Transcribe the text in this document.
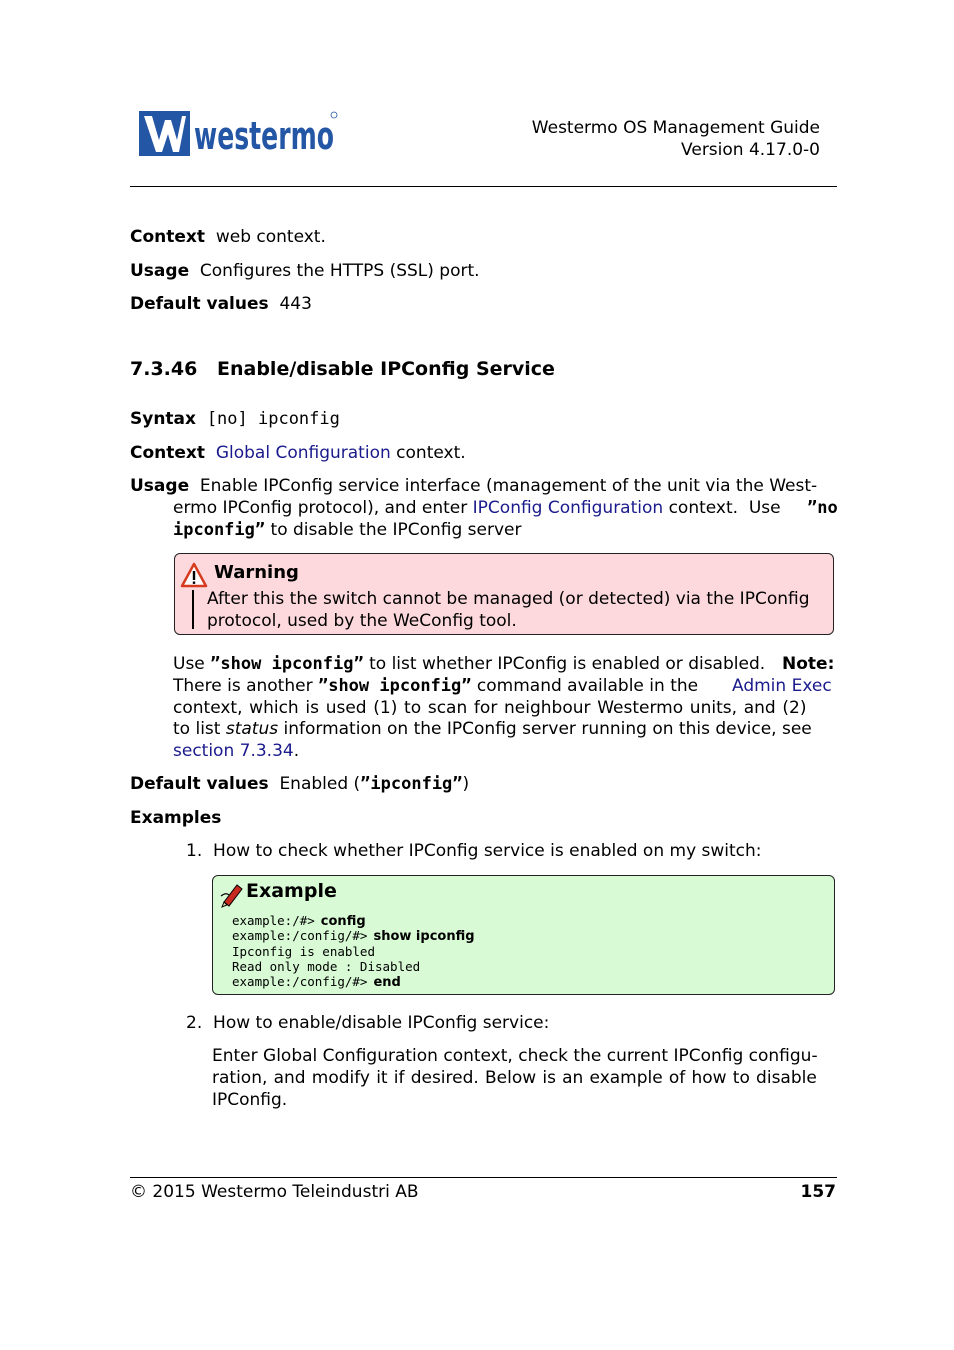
westermo	Westermo OS Management Guide
Version 4.17.0-0
Context web context.
Usage Configures the HTTPS (SSL) port.
Default values 443
7.3.46 Enable/disable IPConfig Service
Syntax [no] ipconfig
Context Global Configuration context.
Usage Enable IPConfig service interface (management of the unit via the West-
ermo IPConfig protocol), and enter IPConfig Configuration context.  Use ”no
ipconfig” to disable the IPConfig server
Warning
After this the switch cannot be managed (or detected) via the IPConfig
protocol, used by the WeConfig tool.
Use ”show ipconfig” to list whether IPConfig is enabled or disabled. Note:
There is another ”show ipconfig” command available in the Admin Exec
context, which is used (1) to scan for neighbour Westermo units, and (2)
to list status information on the IPConfig server running on this device, see
section 7.3.34.
Default values Enabled (”ipconfig”)
Examples
1. How to check whether IPConfig service is enabled on my switch:
Example
example:/#> config
example:/config/#> show ipconfig
Ipconfig is enabled
Read only mode : Disabled
example:/config/#> end
2. How to enable/disable IPConfig service:
Enter Global Configuration context, check the current IPConfig configu-
ration, and modify it if desired. Below is an example of how to disable
IPConfig.
© 2015 Westermo Teleindustri AB	157
